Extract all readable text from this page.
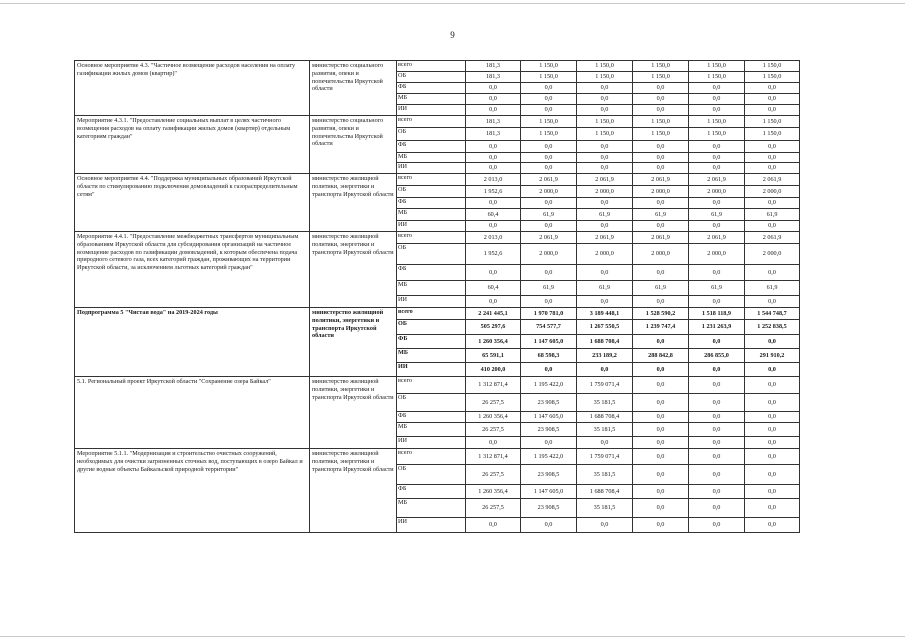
9
Основное мероприятие 4.3. "Частичное возмещение расходов населения на оплату газификации жилых домов (квартир)"	министерство социального развития, опеки и попечительства Иркутской области	всего	181,3	1 150,0	1 150,0	1 150,0	1 150,0	1 150,0
		ОБ	181,3	1 150,0	1 150,0	1 150,0	1 150,0	1 150,0
		ФБ	0,0	0,0	0,0	0,0	0,0	0,0
		МБ	0,0	0,0	0,0	0,0	0,0	0,0
		ИИ	0,0	0,0	0,0	0,0	0,0	0,0
Мероприятие 4.3.1. "Предоставление социальных выплат в целях частичного возмещения расходов на оплату газификации жилых домов (квартир) отдельным категориям граждан"	министерство социального развития, опеки и попечительства Иркутской области	всего	181,3	1 150,0	1 150,0	1 150,0	1 150,0	1 150,0
		ОБ	181,3	1 150,0	1 150,0	1 150,0	1 150,0	1 150,0
		ФБ	0,0	0,0	0,0	0,0	0,0	0,0
		МБ	0,0	0,0	0,0	0,0	0,0	0,0
		ИИ	0,0	0,0	0,0	0,0	0,0	0,0
Основное мероприятие 4.4. "Поддержка муниципальных образований Иркутской области по стимулированию подключения домовладений к газораспределительным сетям"	министерство жилищной политики, энергетики и транспорта Иркутской области	всего	2 013,0	2 061,9	2 061,9	2 061,9	2 061,9	2 061,9
		ОБ	1 952,6	2 000,0	2 000,0	2 000,0	2 000,0	2 000,0
		ФБ	0,0	0,0	0,0	0,0	0,0	0,0
		МБ	60,4	61,9	61,9	61,9	61,9	61,9
		ИИ	0,0	0,0	0,0	0,0	0,0	0,0
Мероприятие 4.4.1. "Предоставление межбюджетных трансфертов муниципальным образованиям Иркутской области для субсидирования организаций на частичное возмещение расходов по газификации домовладений, к которым обеспечена подача природного сетевого газа, всех категорий граждан, проживающих на территории Иркутской области, за исключением льготных категорий граждан"	министерство жилищной политики, энергетики и транспорта Иркутской области	всего	2 013,0	2 061,9	2 061,9	2 061,9	2 061,9	2 061,9
		ОБ	1 952,6	2 000,0	2 000,0	2 000,0	2 000,0	2 000,0
		ФБ	0,0	0,0	0,0	0,0	0,0	0,0
		МБ	60,4	61,9	61,9	61,9	61,9	61,9
		ИИ	0,0	0,0	0,0	0,0	0,0	0,0
Подпрограмма 5 "Чистая вода" на 2019-2024 годы	министерство жилищной политики, энергетики и транспорта Иркутской области	всего	2 241 445,1	1 970 781,0	3 189 448,1	1 528 590,2	1 518 118,9	1 544 748,7
		ОБ	505 297,6	754 577,7	1 267 550,5	1 239 747,4	1 231 263,9	1 252 838,5
		ФБ	1 260 356,4	1 147 605,0	1 688 708,4	0,0	0,0	0,0
		МБ	65 591,1	68 598,3	233 189,2	288 842,8	286 855,0	291 910,2
		ИИ	410 200,0	0,0	0,0	0,0	0,0	0,0
5.1. Региональный проект Иркутской области "Сохранение озера Байкал"	министерство жилищной политики, энергетики и транспорта Иркутской области	всего	1 312 871,4	1 195 422,0	1 759 071,4	0,0	0,0	0,0
		ОБ	26 257,5	23 908,5	35 181,5	0,0	0,0	0,0
		ФБ	1 260 356,4	1 147 605,0	1 688 708,4	0,0	0,0	0,0
		МБ	26 257,5	23 908,5	35 181,5	0,0	0,0	0,0
		ИИ	0,0	0,0	0,0	0,0	0,0	0,0
Мероприятие 5.1.1. "Модернизация и строительство очистных сооружений, необходимых для очистки загрязненных сточных вод, поступающих в озеро Байкал и другие водные объекты Байкальской природной территории"	министерство жилищной политики, энергетики и транспорта Иркутской области	всего	1 312 871,4	1 195 422,0	1 759 071,4	0,0	0,0	0,0
		ОБ	26 257,5	23 908,5	35 181,5	0,0	0,0	0,0
		ФБ	1 260 356,4	1 147 605,0	1 688 708,4	0,0	0,0	0,0
		МБ	26 257,5	23 908,5	35 181,5	0,0	0,0	0,0
		ИИ	0,0	0,0	0,0	0,0	0,0	0,0
